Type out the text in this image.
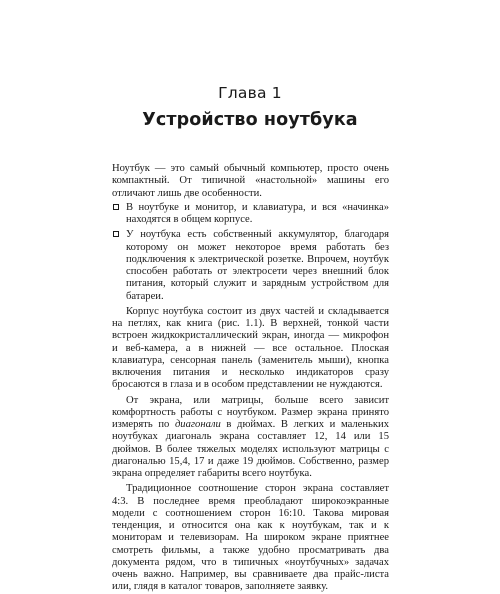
Глава 1
Устройство ноутбука

Ноутбук — это самый обычный компьютер, просто очень компактный. От типичной «настольной» машины его отличают лишь две особенности.

В ноутбуке и монитор, и клавиатура, и вся «начинка» находятся в общем корпусе.
У ноутбука есть собственный аккумулятор, благодаря которому он может некоторое время работать без подключения к электрической розетке. Впрочем, ноутбук способен работать от электросети через внешний блок питания, который служит и зарядным устройством для батареи.

Корпус ноутбука состоит из двух частей и складывается на петлях, как книга (рис. 1.1). В верхней, тонкой части встроен жидкокристаллический экран, иногда — микрофон и веб-камера, а в нижней — все остальное. Плоская клавиатура, сенсорная панель (заменитель мыши), кнопка включения питания и несколько индикаторов сразу бросаются в глаза и в особом представлении не нуждаются.

От экрана, или матрицы, больше всего зависит комфортность работы с ноутбуком. Размер экрана принято измерять по диагонали в дюймах. В легких и маленьких ноутбуках диагональ экрана составляет 12, 14 или 15 дюймов. В более тяжелых моделях используют матрицы с диагональю 15,4, 17 и даже 19 дюймов. Собственно, размер экрана определяет габариты всего ноутбука.

Традиционное соотношение сторон экрана составляет 4:3. В последнее время преобладают широкоэкранные модели с соотношением сторон 16:10. Такова мировая тенденция, и относится она как к ноутбукам, так и к мониторам и телевизорам. На широком экране приятнее смотреть фильмы, а также удобно просматривать два документа рядом, что в типичных «ноутбучных» задачах очень важно. Например, вы сравниваете два прайс-листа или, глядя в каталог товаров, заполняете заявку.
